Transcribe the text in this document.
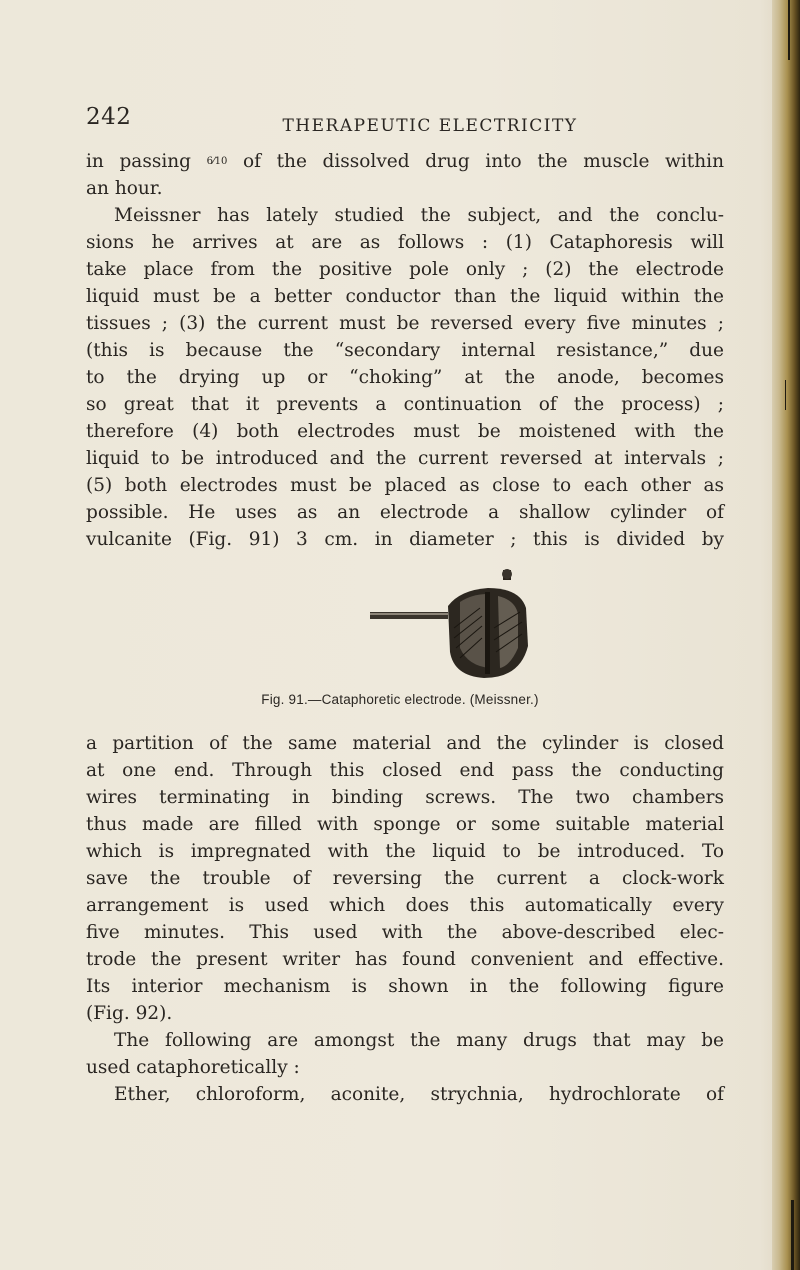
242	THERAPEUTIC ELECTRICITY
in passing 6⁄10 of the dissolved drug into the muscle within
an hour.
Meissner has lately studied the subject, and the conclu-
sions he arrives at are as follows : (1) Cataphoresis will
take place from the positive pole only ; (2) the electrode
liquid must be a better conductor than the liquid within the
tissues ; (3) the current must be reversed every five minutes ;
(this is because the “secondary internal resistance,” due
to the drying up or “choking” at the anode, becomes
so great that it prevents a continuation of the process) ;
therefore (4) both electrodes must be moistened with the
liquid to be introduced and the current reversed at intervals ;
(5) both electrodes must be placed as close to each other as
possible. He uses as an electrode a shallow cylinder of
vulcanite (Fig. 91) 3 cm. in diameter ; this is divided by
Fig. 91.—Cataphoretic electrode. (Meissner.)
a partition of the same material and the cylinder is closed
at one end. Through this closed end pass the conducting
wires terminating in binding screws. The two chambers
thus made are filled with sponge or some suitable material
which is impregnated with the liquid to be introduced. To
save the trouble of reversing the current a clock-work
arrangement is used which does this automatically every
five minutes. This used with the above-described elec-
trode the present writer has found convenient and effective.
Its interior mechanism is shown in the following figure
(Fig. 92).
The following are amongst the many drugs that may be
used cataphoretically :
Ether, chloroform, aconite, strychnia, hydrochlorate of
